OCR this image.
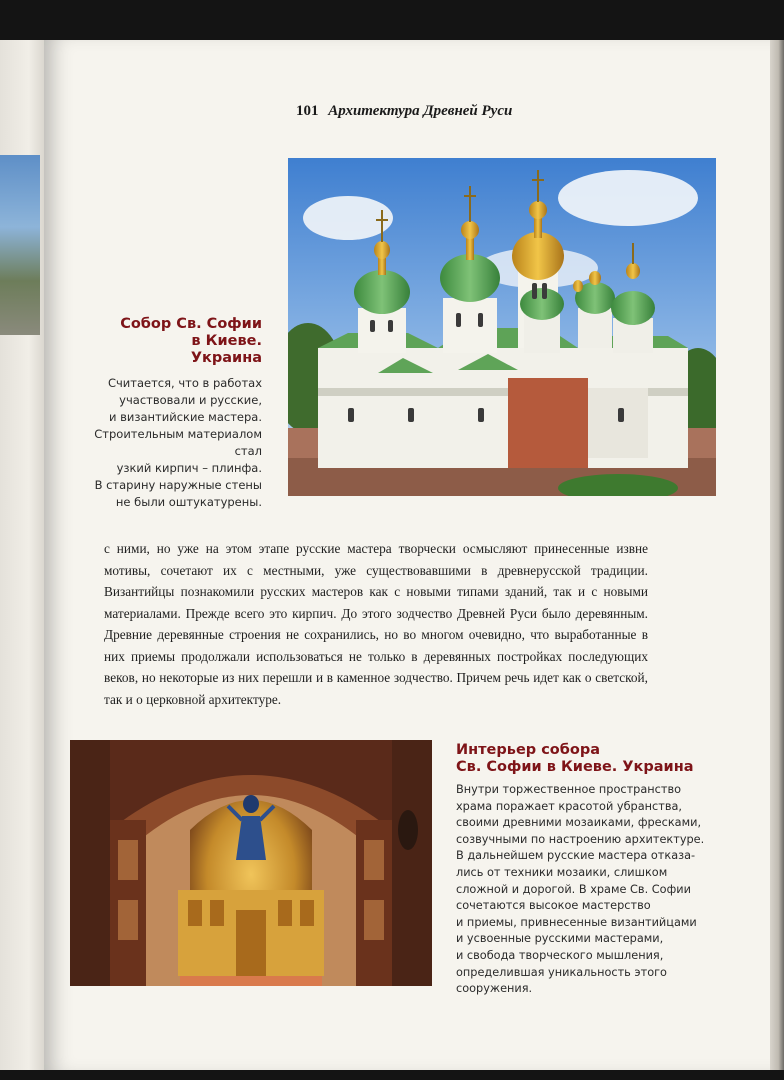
101 Архитектура Древней Руси

Собор Св. Софии
в Киеве.
Украина

Считается, что в работах
участвовали и русские,
и византийские мастера.
Строительным материалом стал
узкий кирпич – плинфа.
В старину наружные стены
не были оштукатурены.

с ними, но уже на этом этапе русские мастера творчески осмысляют принесенные извне мотивы, сочетают их с местными, уже существовавшими в древнерусской традиции. Византийцы познакомили русских мастеров как с новыми типами зданий, так и с новыми материалами. Прежде всего это кирпич. До этого зодчество Древней Руси было деревянным. Древние деревянные строения не сохранились, но во многом очевидно, что выработанные в них приемы продолжали использоваться не только в деревянных постройках последующих веков, но некоторые из них перешли и в каменное зодчество. Причем речь идет как о светской, так и о церковной архитектуре.

Интерьер собора
Св. Софии в Киеве. Украина

Внутри торжественное пространство
храма поражает красотой убранства,
своими древними мозаиками, фресками,
созвучными по настроению архитектуре.
В дальнейшем русские мастера отказа-
лись от техники мозаики, слишком
сложной и дорогой. В храме Св. Софии
сочетаются высокое мастерство
и приемы, привнесенные византийцами
и усвоенные русскими мастерами,
и свобода творческого мышления,
определившая уникальность этого
сооружения.
